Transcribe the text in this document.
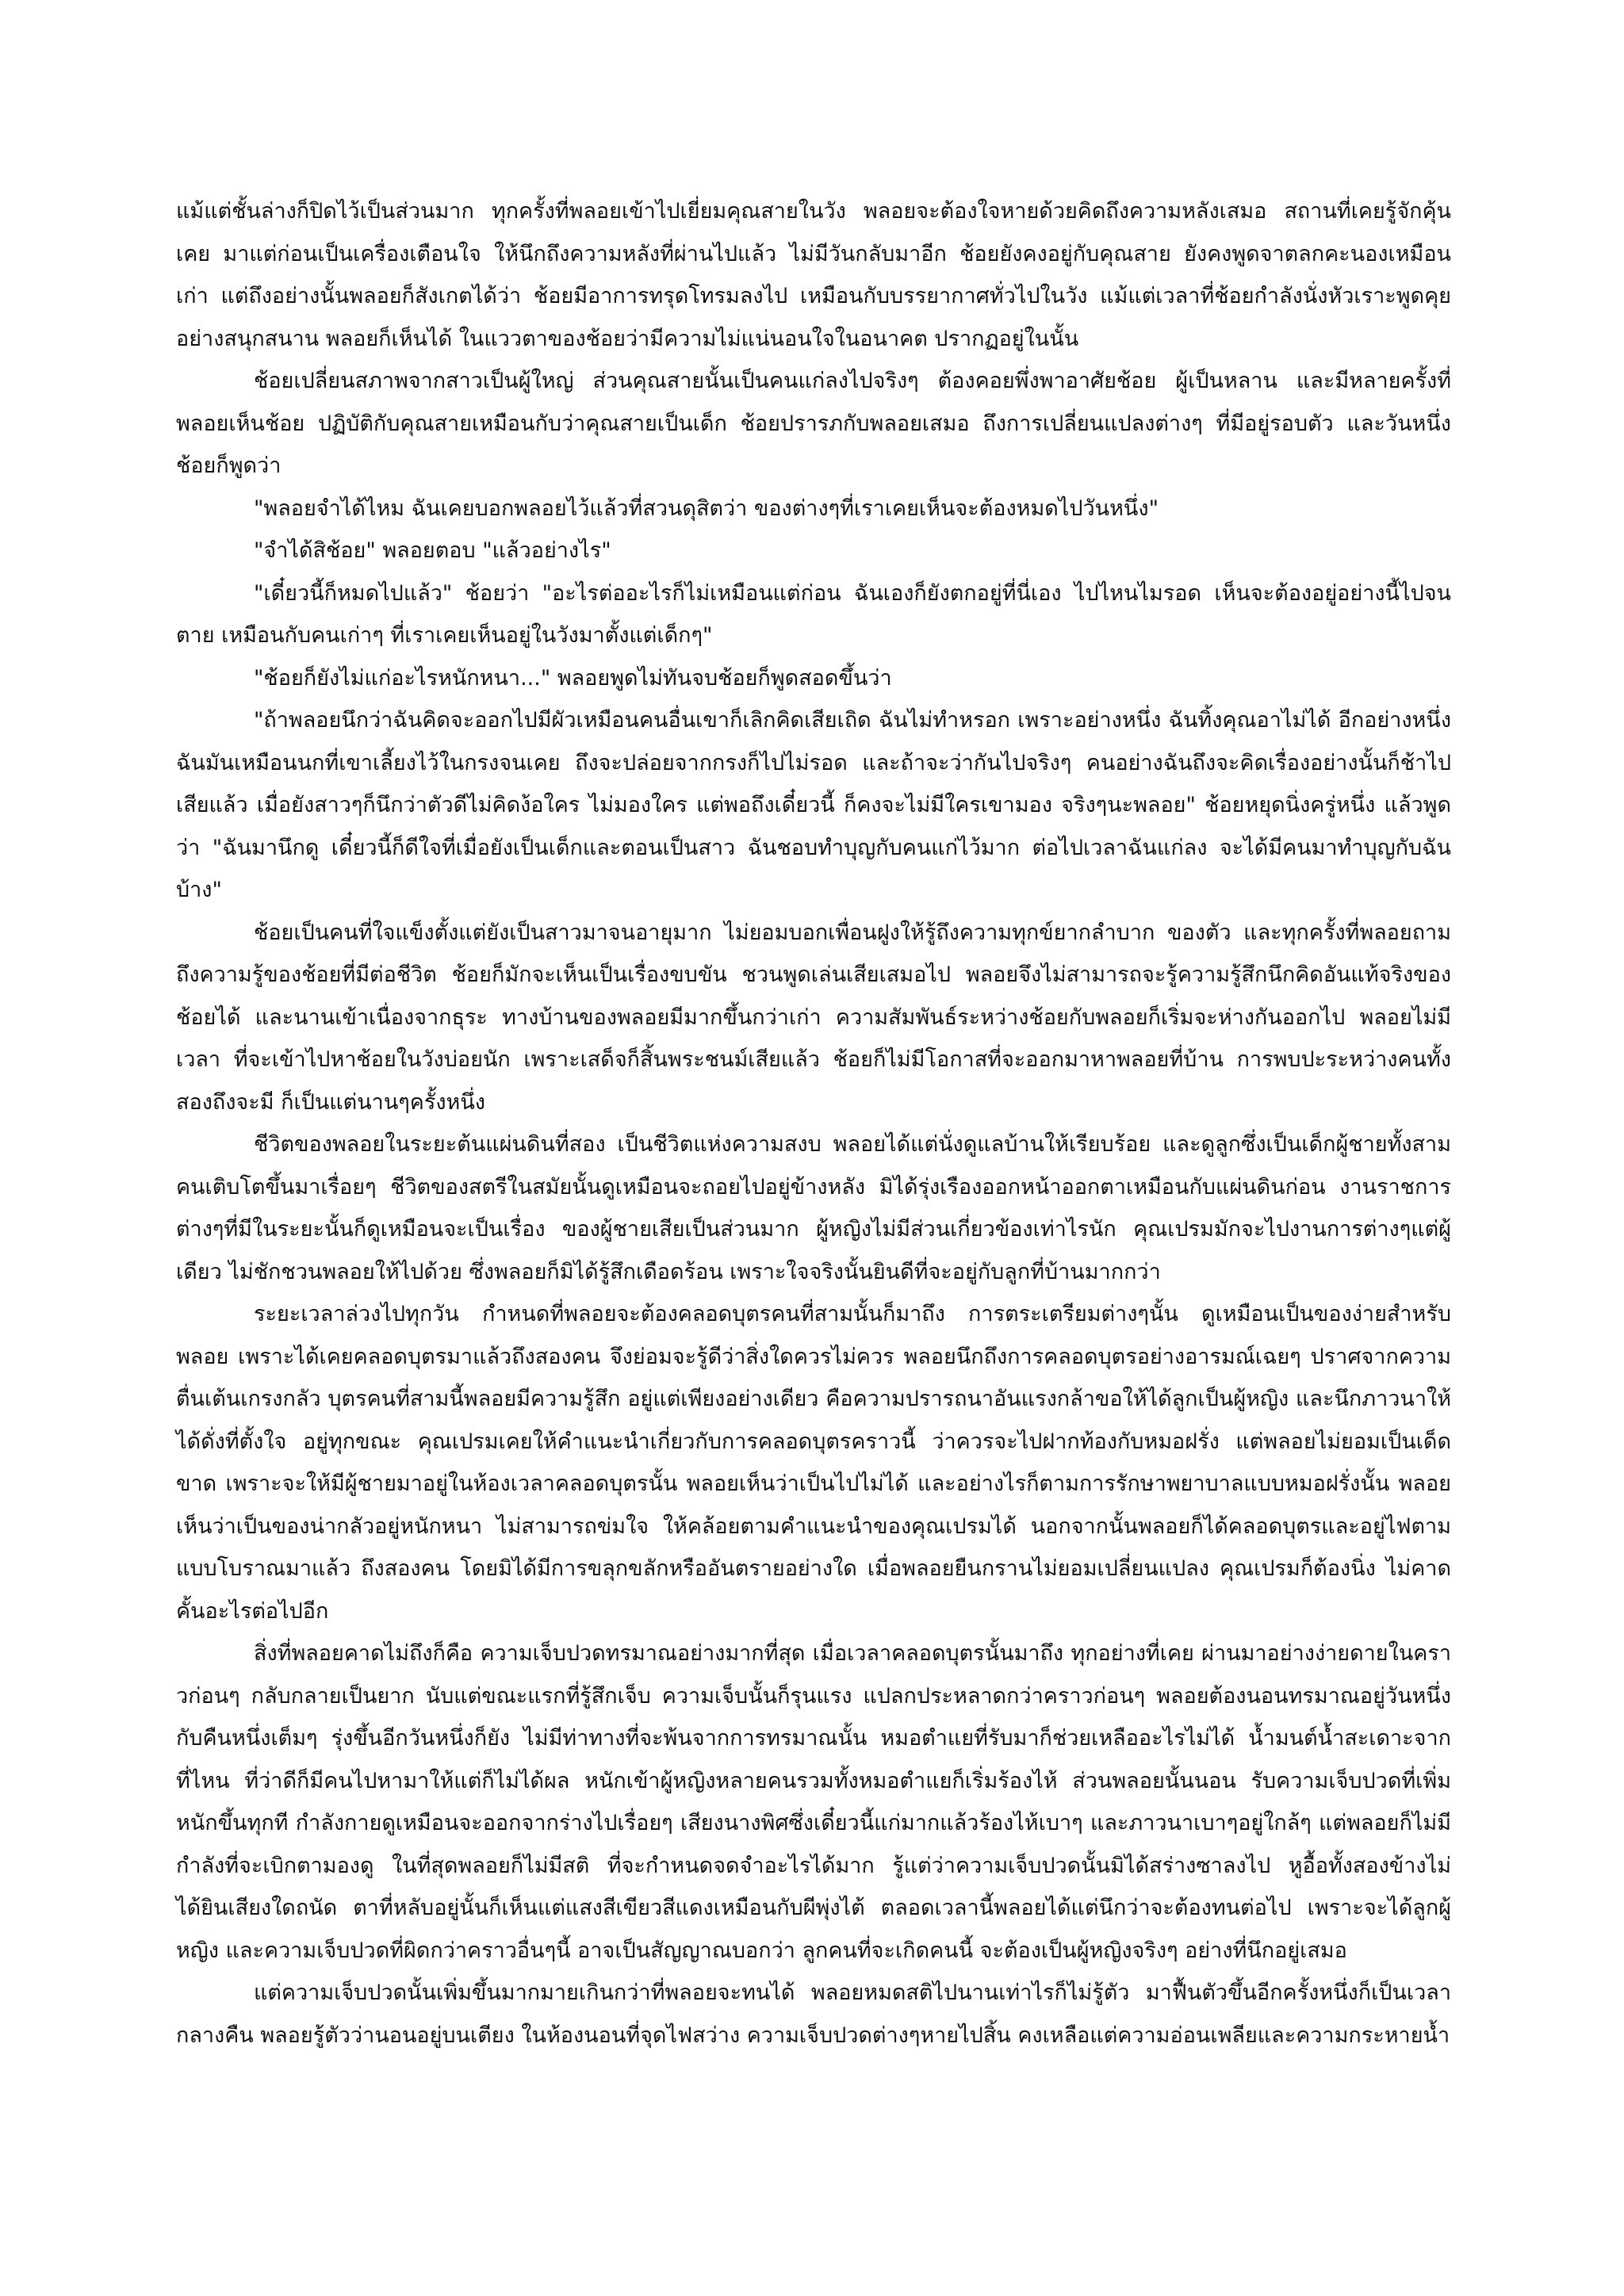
แม้แต่ชั้นล่างก็ปิดไว้เป็นส่วนมาก ทุกครั้งที่พลอยเข้าไปเยี่ยมคุณสายในวัง พลอยจะต้องใจหายด้วยคิดถึงความหลังเสมอ สถานที่เคยรู้จักคุ้นเคย มาแต่ก่อนเป็นเครื่องเตือนใจ ให้นึกถึงความหลังที่ผ่านไปแล้ว ไม่มีวันกลับมาอีก ช้อยยังคงอยู่กับคุณสาย ยังคงพูดจาตลกคะนองเหมือนเก่า แต่ถึงอย่างนั้นพลอยก็สังเกตได้ว่า ช้อยมีอาการทรุดโทรมลงไป เหมือนกับบรรยากาศทั่วไปในวัง แม้แต่เวลาที่ช้อยกำลังนั่งหัวเราะพูดคุยอย่างสนุกสนาน พลอยก็เห็นได้ ในแววตาของช้อยว่ามีความไม่แน่นอนใจในอนาคต ปรากฏอยู่ในนั้น

ช้อยเปลี่ยนสภาพจากสาวเป็นผู้ใหญ่ ส่วนคุณสายนั้นเป็นคนแก่ลงไปจริงๆ ต้องคอยพึ่งพาอาศัยช้อย ผู้เป็นหลาน และมีหลายครั้งที่พลอยเห็นช้อย ปฏิบัติกับคุณสายเหมือนกับว่าคุณสายเป็นเด็ก ช้อยปรารภกับพลอยเสมอ ถึงการเปลี่ยนแปลงต่างๆ ที่มีอยู่รอบตัว และวันหนึ่งช้อยก็พูดว่า

"พลอยจำได้ไหม ฉันเคยบอกพลอยไว้แล้วที่สวนดุสิตว่า ของต่างๆที่เราเคยเห็นจะต้องหมดไปวันหนึ่ง"

"จำได้สิช้อย" พลอยตอบ "แล้วอย่างไร"

"เดี๋ยวนี้ก็หมดไปแล้ว" ช้อยว่า "อะไรต่ออะไรก็ไม่เหมือนแต่ก่อน ฉันเองก็ยังตกอยู่ที่นี่เอง ไปไหนไมรอด เห็นจะต้องอยู่อย่างนี้ไปจนตาย เหมือนกับคนเก่าๆ ที่เราเคยเห็นอยู่ในวังมาตั้งแต่เด็กๆ"

"ช้อยก็ยังไม่แก่อะไรหนักหนา..." พลอยพูดไม่ทันจบช้อยก็พูดสอดขึ้นว่า

"ถ้าพลอยนึกว่าฉันคิดจะออกไปมีผัวเหมือนคนอื่นเขาก็เลิกคิดเสียเถิด ฉันไม่ทำหรอก เพราะอย่างหนึ่ง ฉันทิ้งคุณอาไม่ได้ อีกอย่างหนึ่งฉันมันเหมือนนกที่เขาเลี้ยงไว้ในกรงจนเคย ถึงจะปล่อยจากกรงก็ไปไม่รอด และถ้าจะว่ากันไปจริงๆ คนอย่างฉันถึงจะคิดเรื่องอย่างนั้นก็ช้าไปเสียแล้ว เมื่อยังสาวๆก็นึกว่าตัวดีไม่คิดง้อใคร ไม่มองใคร แต่พอถึงเดี๋ยวนี้ ก็คงจะไม่มีใครเขามอง จริงๆนะพลอย" ช้อยหยุดนิ่งครู่หนึ่ง แล้วพูดว่า "ฉันมานึกดู เดี๋ยวนี้ก็ดีใจที่เมื่อยังเป็นเด็กและตอนเป็นสาว ฉันชอบทำบุญกับคนแก่ไว้มาก ต่อไปเวลาฉันแก่ลง จะได้มีคนมาทำบุญกับฉันบ้าง"

ช้อยเป็นคนที่ใจแข็งตั้งแต่ยังเป็นสาวมาจนอายุมาก ไม่ยอมบอกเพื่อนฝูงให้รู้ถึงความทุกข์ยากลำบาก ของตัว และทุกครั้งที่พลอยถามถึงความรู้ของช้อยที่มีต่อชีวิต ช้อยก็มักจะเห็นเป็นเรื่องขบขัน ชวนพูดเล่นเสียเสมอไป พลอยจึงไม่สามารถจะรู้ความรู้สึกนึกคิดอันแท้จริงของช้อยได้ และนานเข้าเนื่องจากธุระ ทางบ้านของพลอยมีมากขึ้นกว่าเก่า ความสัมพันธ์ระหว่างช้อยกับพลอยก็เริ่มจะห่างกันออกไป พลอยไม่มีเวลา ที่จะเข้าไปหาช้อยในวังบ่อยนัก เพราะเสด็จก็สิ้นพระชนม์เสียแล้ว ช้อยก็ไม่มีโอกาสที่จะออกมาหาพลอยที่บ้าน การพบปะระหว่างคนทั้งสองถึงจะมี ก็เป็นแต่นานๆครั้งหนึ่ง

ชีวิตของพลอยในระยะต้นแผ่นดินที่สอง เป็นชีวิตแห่งความสงบ พลอยได้แต่นั่งดูแลบ้านให้เรียบร้อย และดูลูกซึ่งเป็นเด็กผู้ชายทั้งสามคนเติบโตขึ้นมาเรื่อยๆ ชีวิตของสตรีในสมัยนั้นดูเหมือนจะถอยไปอยู่ข้างหลัง มิได้รุ่งเรืองออกหน้าออกตาเหมือนกับแผ่นดินก่อน งานราชการต่างๆที่มีในระยะนั้นก็ดูเหมือนจะเป็นเรื่อง ของผู้ชายเสียเป็นส่วนมาก ผู้หญิงไม่มีส่วนเกี่ยวข้องเท่าไรนัก คุณเปรมมักจะไปงานการต่างๆแต่ผู้เดียว ไม่ชักชวนพลอยให้ไปด้วย ซึ่งพลอยก็มิได้รู้สึกเดือดร้อน เพราะใจจริงนั้นยินดีที่จะอยู่กับลูกที่บ้านมากกว่า

ระยะเวลาล่วงไปทุกวัน กำหนดที่พลอยจะต้องคลอดบุตรคนที่สามนั้นก็มาถึง การตระเตรียมต่างๆนั้น ดูเหมือนเป็นของง่ายสำหรับพลอย เพราะได้เคยคลอดบุตรมาแล้วถึงสองคน จึงย่อมจะรู้ดีว่าสิ่งใดควรไม่ควร พลอยนึกถึงการคลอดบุตรอย่างอารมณ์เฉยๆ ปราศจากความตื่นเต้นเกรงกลัว บุตรคนที่สามนี้พลอยมีความรู้สึก อยู่แต่เพียงอย่างเดียว คือความปรารถนาอันแรงกล้าขอให้ได้ลูกเป็นผู้หญิง และนึกภาวนาให้ได้ดั่งที่ตั้งใจ อยู่ทุกขณะ คุณเปรมเคยให้คำแนะนำเกี่ยวกับการคลอดบุตรคราวนี้ ว่าควรจะไปฝากท้องกับหมอฝรั่ง แต่พลอยไม่ยอมเป็นเด็ดขาด เพราะจะให้มีผู้ชายมาอยู่ในห้องเวลาคลอดบุตรนั้น พลอยเห็นว่าเป็นไปไม่ได้ และอย่างไรก็ตามการรักษาพยาบาลแบบหมอฝรั่งนั้น พลอยเห็นว่าเป็นของน่ากลัวอยู่หนักหนา ไม่สามารถข่มใจ ให้คล้อยตามคำแนะนำของคุณเปรมได้ นอกจากนั้นพลอยก็ได้คลอดบุตรและอยู่ไฟตามแบบโบราณมาแล้ว ถึงสองคน โดยมิได้มีการขลุกขลักหรืออันตรายอย่างใด เมื่อพลอยยืนกรานไม่ยอมเปลี่ยนแปลง คุณเปรมก็ต้องนิ่ง ไม่คาดคั้นอะไรต่อไปอีก

สิ่งที่พลอยคาดไม่ถึงก็คือ ความเจ็บปวดทรมาณอย่างมากที่สุด เมื่อเวลาคลอดบุตรนั้นมาถึง ทุกอย่างที่เคย ผ่านมาอย่างง่ายดายในคราวก่อนๆ กลับกลายเป็นยาก นับแต่ขณะแรกที่รู้สึกเจ็บ ความเจ็บนั้นก็รุนแรง แปลกประหลาดกว่าคราวก่อนๆ พลอยต้องนอนทรมาณอยู่วันหนึ่งกับคืนหนึ่งเต็มๆ รุ่งขึ้นอีกวันหนึ่งก็ยัง ไม่มีท่าทางที่จะพ้นจากการทรมาณนั้น หมอตำแยที่รับมาก็ช่วยเหลืออะไรไม่ได้ น้ำมนต์น้ำสะเดาะจากที่ไหน ที่ว่าดีก็มีคนไปหามาให้แต่ก็ไม่ได้ผล หนักเข้าผู้หญิงหลายคนรวมทั้งหมอตำแยก็เริ่มร้องไห้ ส่วนพลอยนั้นนอน รับความเจ็บปวดที่เพิ่มหนักขึ้นทุกที กำลังกายดูเหมือนจะออกจากร่างไปเรื่อยๆ เสียงนางพิศซึ่งเดี๋ยวนี้แก่มากแล้วร้องไห้เบาๆ และภาวนาเบาๆอยู่ใกล้ๆ แต่พลอยก็ไม่มีกำลังที่จะเบิกตามองดู ในที่สุดพลอยก็ไม่มีสติ ที่จะกำหนดจดจำอะไรได้มาก รู้แต่ว่าความเจ็บปวดนั้นมิได้สร่างซาลงไป หูอื้อทั้งสองข้างไม่ได้ยินเสียงใดถนัด ตาที่หลับอยู่นั้นก็เห็นแต่แสงสีเขียวสีแดงเหมือนกับผีพุ่งไต้ ตลอดเวลานี้พลอยได้แต่นึกว่าจะต้องทนต่อไป เพราะจะได้ลูกผู้หญิง และความเจ็บปวดที่ผิดกว่าคราวอื่นๆนี้ อาจเป็นสัญญาณบอกว่า ลูกคนที่จะเกิดคนนี้ จะต้องเป็นผู้หญิงจริงๆ อย่างที่นึกอยู่เสมอ

แต่ความเจ็บปวดนั้นเพิ่มขึ้นมากมายเกินกว่าที่พลอยจะทนได้ พลอยหมดสติไปนานเท่าไรก็ไม่รู้ตัว มาฟื้นตัวขึ้นอีกครั้งหนึ่งก็เป็นเวลากลางคืน พลอยรู้ตัวว่านอนอยู่บนเตียง ในห้องนอนที่จุดไฟสว่าง ความเจ็บปวดต่างๆหายไปสิ้น คงเหลือแต่ความอ่อนเพลียและความกระหายน้ำ
